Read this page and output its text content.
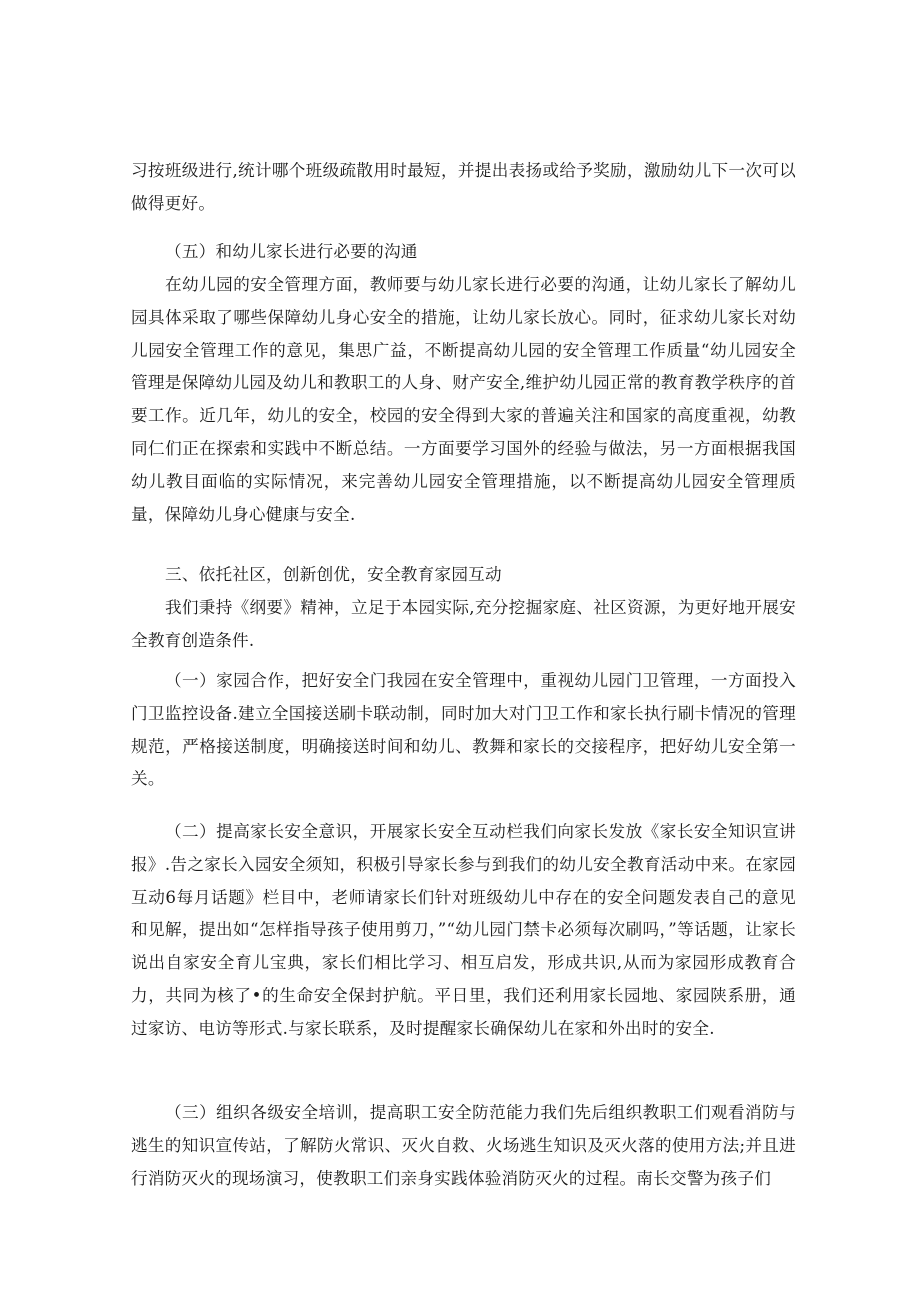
习按班级进行,统计哪个班级疏散用时最短，并提出表扬或给予奖励，激励幼儿下一次可以做得更好。

（五）和幼儿家长进行必要的沟通

在幼儿园的安全管理方面，教师要与幼儿家长进行必要的沟通，让幼儿家长了解幼儿园具体采取了哪些保障幼儿身心安全的措施，让幼儿家长放心。同时，征求幼儿家长对幼儿园安全管理工作的意见，集思广益，不断提高幼儿园的安全管理工作质量“幼儿园安全管理是保障幼儿园及幼儿和教职工的人身、财产安全,维护幼儿园正常的教育教学秩序的首要工作。近几年，幼儿的安全，校园的安全得到大家的普遍关注和国家的高度重视，幼教同仁们正在探索和实践中不断总结。一方面要学习国外的经验与做法，另一方面根据我国幼儿教目面临的实际情况，来完善幼儿园安全管理措施，以不断提高幼儿园安全管理质量，保障幼儿身心健康与安全.

三、依托社区，创新创优，安全教育家园互动

我们秉持《纲要》精神，立足于本园实际,充分挖掘家庭、社区资源，为更好地开展安全教育创造条件.

（一）家园合作，把好安全门我园在安全管理中，重视幼儿园门卫管理，一方面投入门卫监控设备.建立全国接送刷卡联动制，同时加大对门卫工作和家长执行刷卡情况的管理规范，严格接送制度，明确接送时间和幼儿、教舞和家长的交接程序，把好幼儿安全第一关。

（二）提高家长安全意识，开展家长安全互动栏我们向家长发放《家长安全知识宣讲报》.告之家长入园安全须知，积极引导家长参与到我们的幼儿安全教育活动中来。在家园互动6每月话题》栏目中，老师请家长们针对班级幼儿中存在的安全问题发表自己的意见和见解，提出如“怎样指导孩子使用剪刀，”“幼儿园门禁卡必须每次刷吗，”等话题，让家长说出自家安全育儿宝典，家长们相比学习、相互启发，形成共识,从而为家园形成教育合力，共同为核了•的生命安全保封护航。平日里，我们还利用家长园地、家园陕系册，通过家访、电访等形式.与家长联系，及时提醒家长确保幼儿在家和外出时的安全.

（三）组织各级安全培训，提高职工安全防范能力我们先后组织教职工们观看消防与逃生的知识宣传站，了解防火常识、灭火自救、火场逃生知识及灭火落的使用方法;并且进行消防灭火的现场演习，使教职工们亲身实践体验消防灭火的过程。南长交警为孩子们
